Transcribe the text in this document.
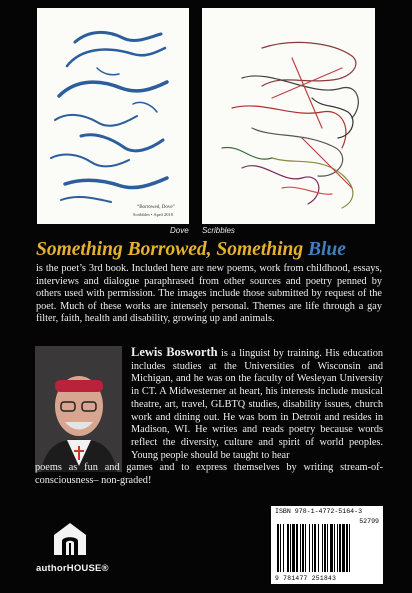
“Borrowed, Dove”
Scribbles • April 2010
Dove Scribbles
Something Borrowed, Something Blue
is the poet’s 3rd book. Included here are new poems, work from childhood, essays, interviews and dialogue paraphrased from other sources and poetry penned by others used with permission. The images include those submitted by request of the poet. Much of these works are intensely personal. Themes are life through a gay filter, faith, health and disability, growing up and animals.
Lewis Bosworth is a linguist by training. His education includes studies at the Universities of Wisconsin and Michigan, and he was on the faculty of Wesleyan University in CT. A Midwesterner at heart, his interests include musical theatre, art, travel, GLBTQ studies, disability issues, church work and dining out. He was born in Detroit and resides in Madison, WI. He writes and reads poetry because words reflect the diversity, culture and spirit of world peoples. Young people should be taught to hear
poems as fun and games and to express themselves by writing stream-of-consciousness– non-graded!
authorHOUSE®
ISBN 978-1-4772-5164-3
52799
9 781477 251843
